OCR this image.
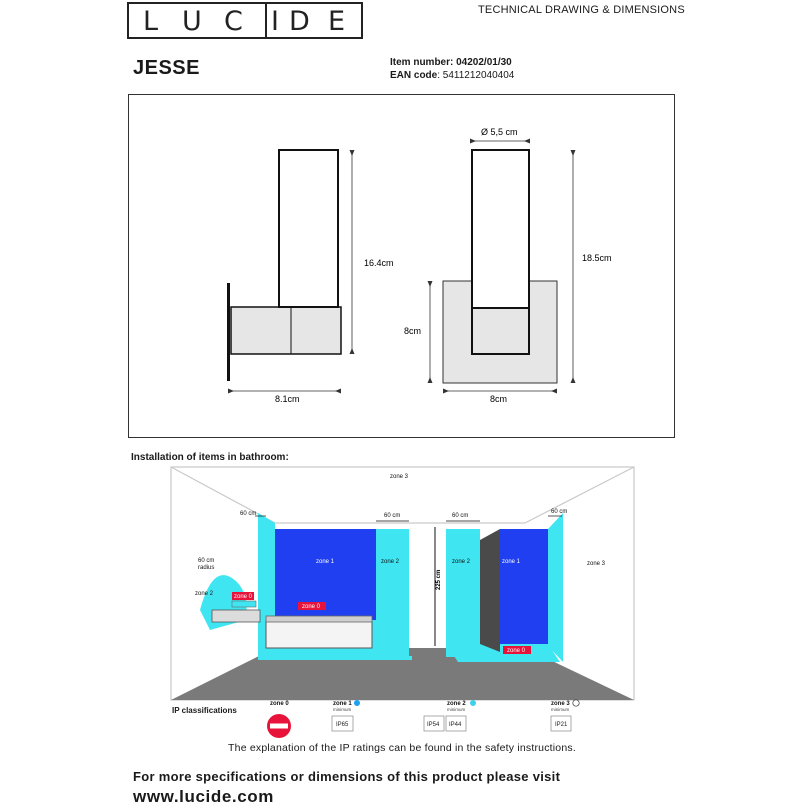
L U C I D E	TECHNICAL DRAWING & DIMENSIONS
JESSE	Item number: 04202/01/30
EAN code: 5411212040404
16.4cm
8.1cm
Ø 5,5 cm
18.5cm
8cm
8cm
Installation of items in bathroom:
zone 3
zone 3
zone 2
zone 2	zone 2
60 cm	60 cm	60 cm
60 cm
60 cm
radius
zone 1	zone 1
zone 0
zone 0
zone 0
225 cm
IP classifications
zone 0	zone 1	zone 2	zone 3
minimum	minimum	minimum
IP65	IP54 IP44	IP21
The explanation of the IP ratings can be found in the safety instructions.
For more specifications or dimensions of this product please visit
www.lucide.com
